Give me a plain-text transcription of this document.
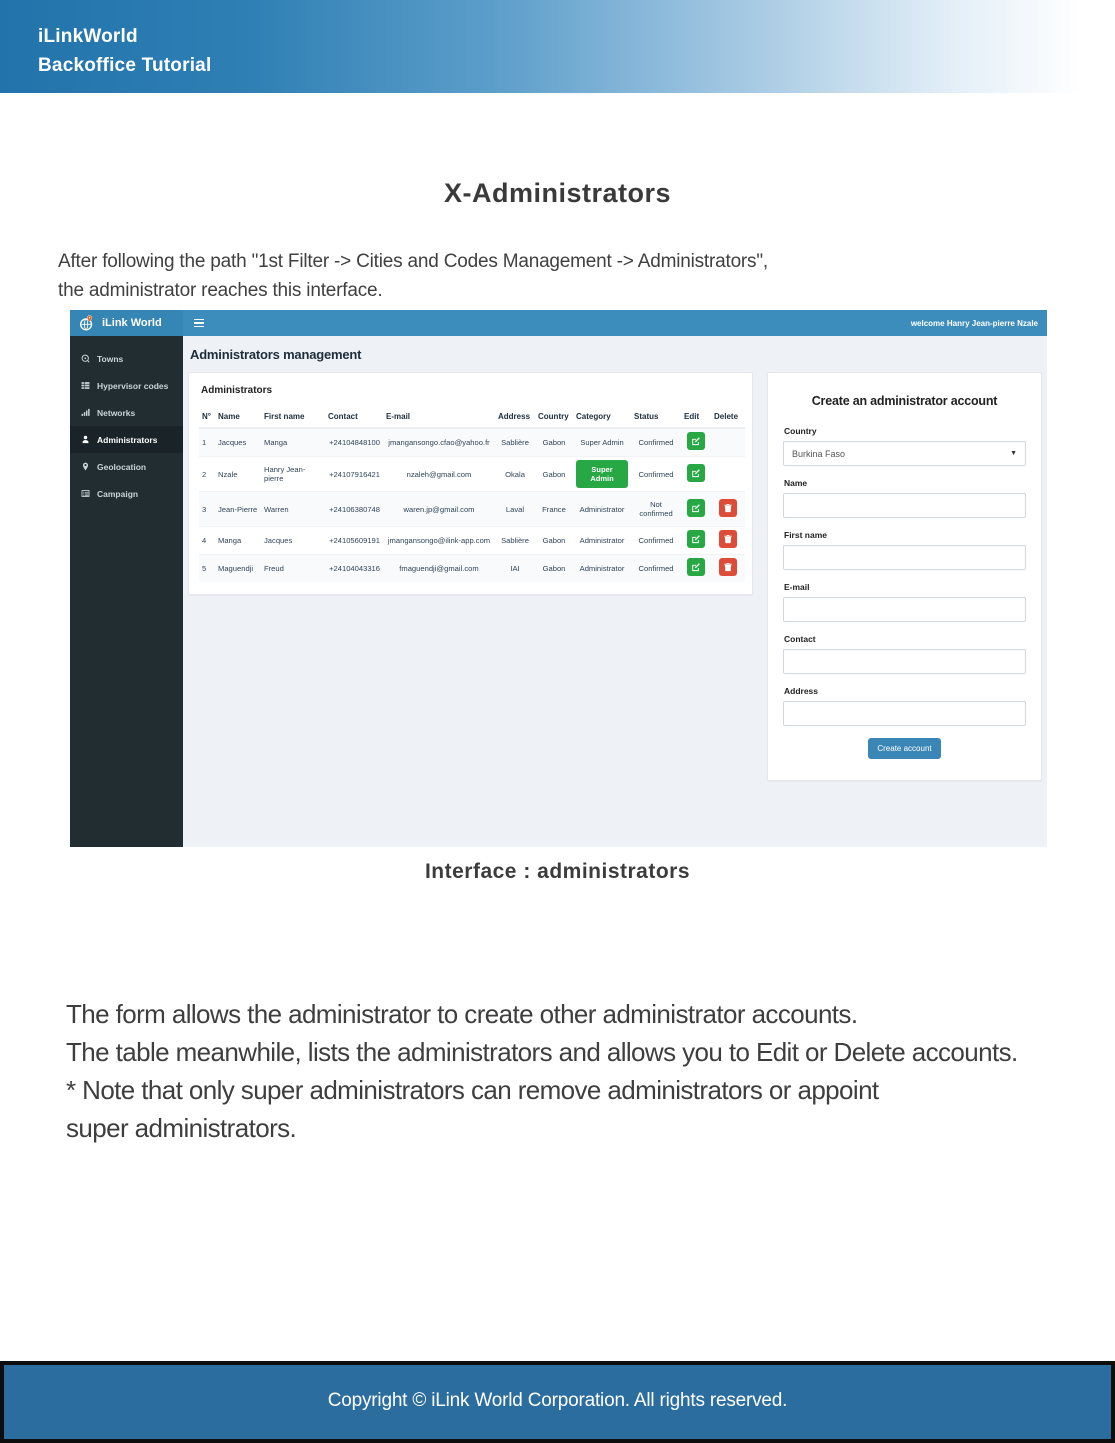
iLinkWorld
Backoffice Tutorial
X-Administrators
After following the path "1st Filter -> Cities and Codes Management -> Administrators",
the administrator reaches this interface.
iLink World	welcome Hanry Jean-pierre Nzale
Towns
Hypervisor codes
Networks
Administrators
Geolocation
Campaign
Administrators management
Administrators
N°	Name	First name	Contact	E-mail	Address	Country	Category	Status	Edit	Delete
1	Jacques	Manga	+24104848100	jmangansongo.cfao@yahoo.fr	Sablière	Gabon	Super Admin	Confirmed	

2	Nzale	Hanry Jean-pierre	+24107916421	nzaleh@gmail.com	Okala	Gabon	Super Admin	Confirmed	

3	Jean-Pierre	Warren	+24106380748	waren.jp@gmail.com	Laval	France	Administrator	Not confirmed	

4	Manga	Jacques	+24105609191	jmangansongo@ilink-app.com	Sablière	Gabon	Administrator	Confirmed	

5	Maguendji	Freud	+24104043316	fmaguendji@gmail.com	IAI	Gabon	Administrator	Confirmed	

Create an administrator account
Country
Burkina Faso	▼
Name
First name
E-mail
Contact
Address
Create account
Interface : administrators
The form allows the administrator to create other administrator accounts.
The table meanwhile, lists the administrators and allows you to Edit or Delete accounts.
* Note that only super administrators can remove administrators or appoint
super administrators.
Copyright © iLink World Corporation. All rights reserved.
